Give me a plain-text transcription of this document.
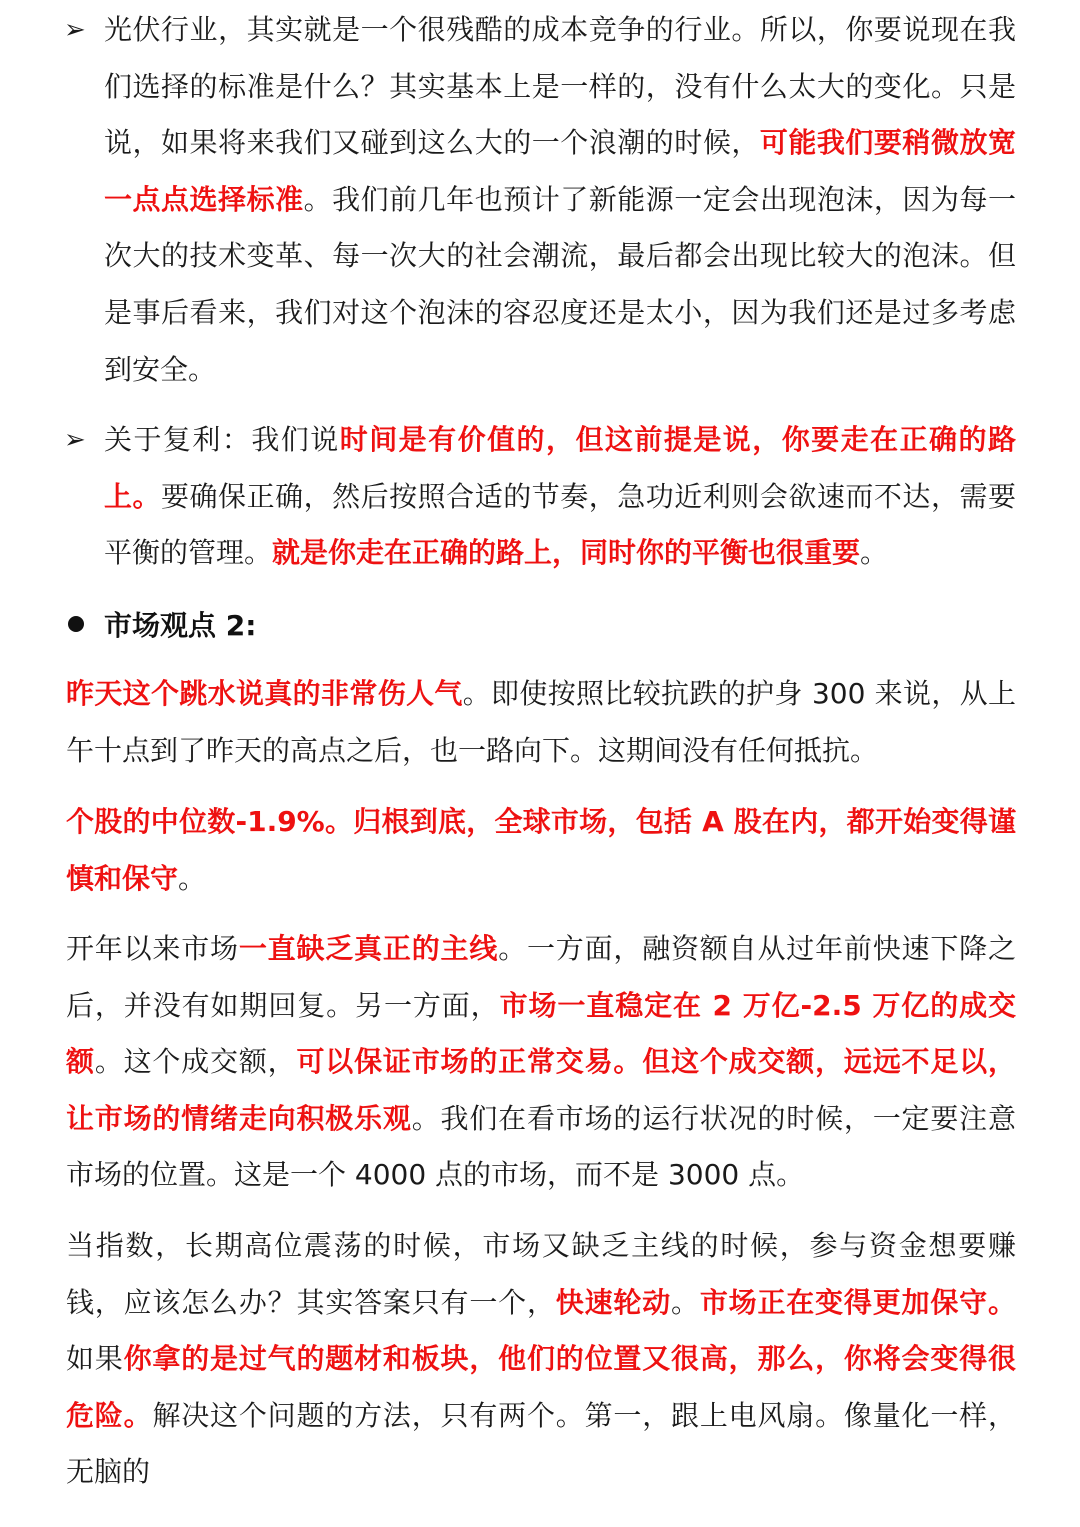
➢ 光伏行业，其实就是一个很残酷的成本竞争的行业。所以，你要说现在我们选择的标准是什么？其实基本上是一样的，没有什么太大的变化。只是说，如果将来我们又碰到这么大的一个浪潮的时候，可能我们要稍微放宽一点点选择标准。我们前几年也预计了新能源一定会出现泡沫，因为每一次大的技术变革、每一次大的社会潮流，最后都会出现比较大的泡沫。但是事后看来，我们对这个泡沫的容忍度还是太小，因为我们还是过多考虑到安全。

➢ 关于复利：我们说时间是有价值的，但这前提是说，你要走在正确的路上。要确保正确，然后按照合适的节奏，急功近利则会欲速而不达，需要平衡的管理。就是你走在正确的路上，同时你的平衡也很重要。

市场观点 2:

昨天这个跳水说真的非常伤人气。即使按照比较抗跌的护身 300 来说，从上午十点到了昨天的高点之后，也一路向下。这期间没有任何抵抗。

个股的中位数-1.9%。归根到底，全球市场，包括 A 股在内，都开始变得谨慎和保守。

开年以来市场一直缺乏真正的主线。一方面，融资额自从过年前快速下降之后，并没有如期回复。另一方面，市场一直稳定在 2 万亿-2.5 万亿的成交额。这个成交额，可以保证市场的正常交易。但这个成交额，远远不足以，让市场的情绪走向积极乐观。我们在看市场的运行状况的时候，一定要注意市场的位置。这是一个 4000 点的市场，而不是 3000 点。

当指数，长期高位震荡的时候，市场又缺乏主线的时候，参与资金想要赚钱，应该怎么办？其实答案只有一个，快速轮动。市场正在变得更加保守。如果你拿的是过气的题材和板块，他们的位置又很高，那么，你将会变得很危险。解决这个问题的方法，只有两个。第一，跟上电风扇。像量化一样，无脑的
